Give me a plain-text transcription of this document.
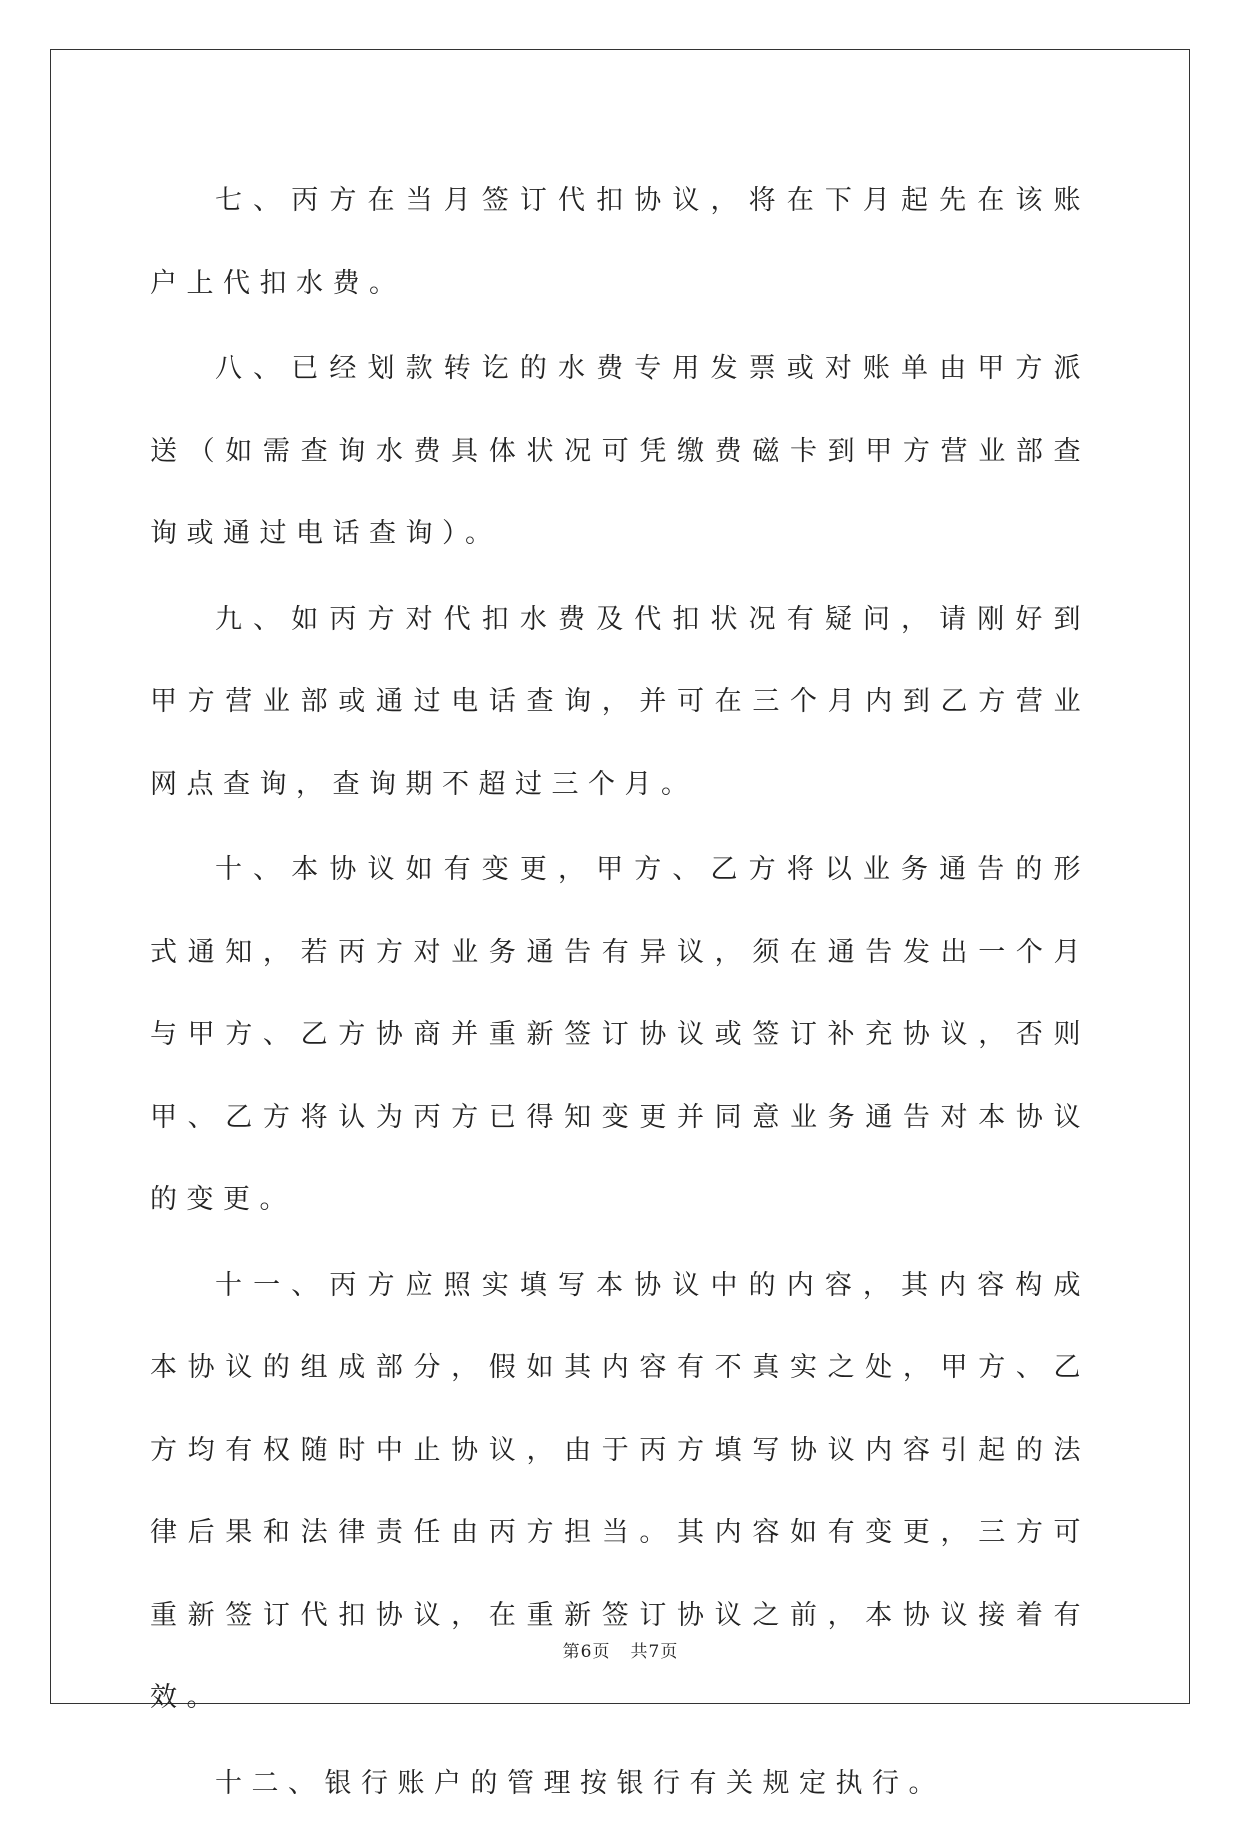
七、丙方在当月签订代扣协议，将在下月起先在该账户上代扣水费。

八、已经划款转讫的水费专用发票或对账单由甲方派送（如需查询水费具体状况可凭缴费磁卡到甲方营业部查询或通过电话查询）。

九、如丙方对代扣水费及代扣状况有疑问，请刚好到甲方营业部或通过电话查询，并可在三个月内到乙方营业网点查询，查询期不超过三个月。

十、本协议如有变更，甲方、乙方将以业务通告的形式通知，若丙方对业务通告有异议，须在通告发出一个月与甲方、乙方协商并重新签订协议或签订补充协议，否则甲、乙方将认为丙方已得知变更并同意业务通告对本协议的变更。

十一、丙方应照实填写本协议中的内容，其内容构成本协议的组成部分，假如其内容有不真实之处，甲方、乙方均有权随时中止协议，由于丙方填写协议内容引起的法律后果和法律责任由丙方担当。其内容如有变更，三方可重新签订代扣协议，在重新签订协议之前，本协议接着有效。

十二、银行账户的管理按银行有关规定执行。

第6页 共7页
